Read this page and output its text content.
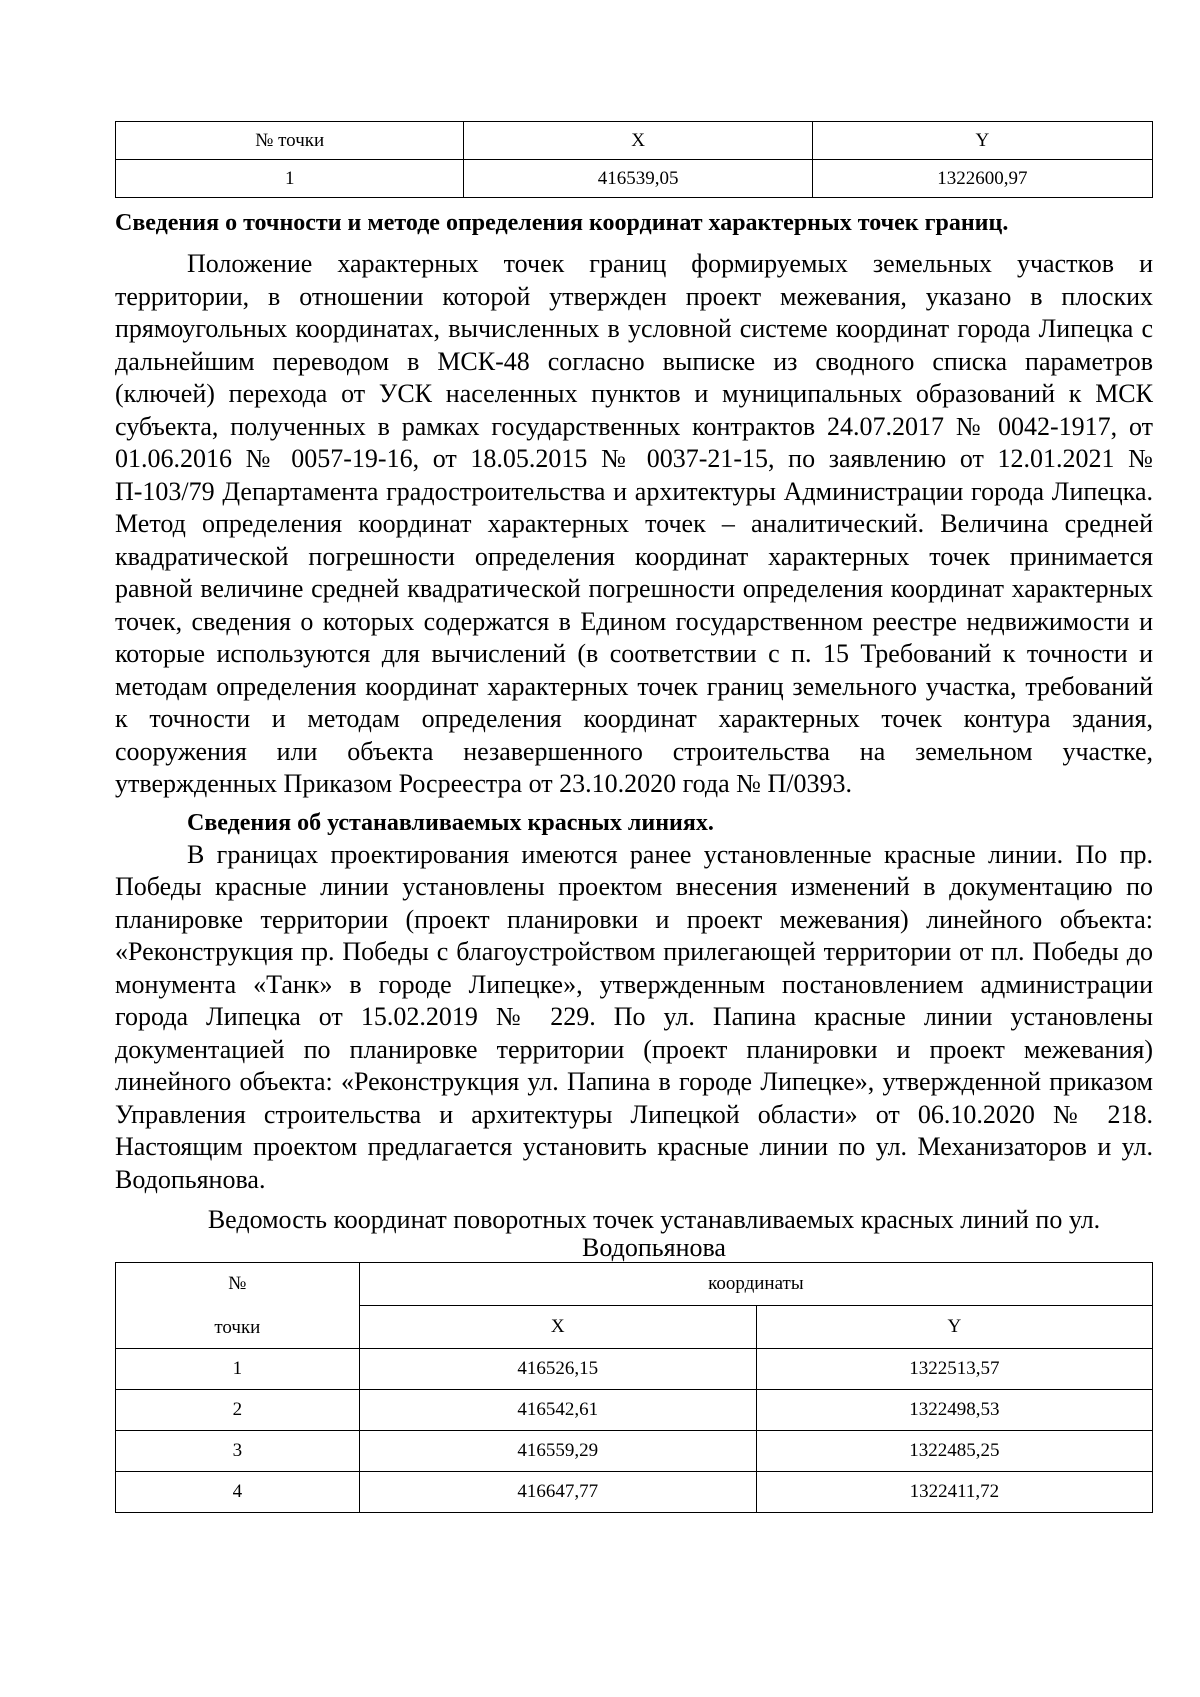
№ точки	X	Y
1	416539,05	1322600,97
Сведения о точности и методе определения координат характерных точек границ.

Положение характерных точек границ формируемых земельных участков и территории, в отношении которой утвержден проект межевания, указано в плоских прямоугольных координатах, вычисленных в условной системе координат города Липецка с дальнейшим переводом в МСК-48 согласно выписке из сводного списка параметров (ключей) перехода от УСК населенных пунктов и муниципальных образований к МСК субъекта, полученных в рамках государственных контрактов 24.07.2017 № 0042-1917, от 01.06.2016 № 0057-19-16, от 18.05.2015 № 0037-21-15, по заявлению от 12.01.2021 № П-103/79 Департамента градостроительства и архитектуры Администрации города Липецка. Метод определения координат характерных точек – аналитический. Величина средней квадратической погрешности определения координат характерных точек принимается равной величине средней квадратической погрешности определения координат характерных точек, сведения о которых содержатся в Едином государственном реестре недвижимости и которые используются для вычислений (в соответствии с п. 15 Требований к точности и методам определения координат характерных точек границ земельного участка, требований к точности и методам определения координат характерных точек контура здания, сооружения или объекта незавершенного строительства на земельном участке, утвержденных Приказом Росреестра от 23.10.2020 года № П/0393.

Сведения об устанавливаемых красных линиях.

В границах проектирования имеются ранее установленные красные линии. По пр. Победы красные линии установлены проектом внесения изменений в документацию по планировке территории (проект планировки и проект межевания) линейного объекта: «Реконструкция пр. Победы с благоустройством прилегающей территории от пл. Победы до монумента «Танк» в городе Липецке», утвержденным постановлением администрации города Липецка от 15.02.2019 № 229. По ул. Папина красные линии установлены документацией по планировке территории (проект планировки и проект межевания) линейного объекта: «Реконструкция ул. Папина в городе Липецке», утвержденной приказом Управления строительства и архитектуры Липецкой области» от 06.10.2020 № 218. Настоящим проектом предлагается установить красные линии по ул. Механизаторов и ул. Водопьянова.

Ведомость координат поворотных точек устанавливаемых красных линий по ул. Водопьянова

№
точки	координаты	
	X	Y
1	416526,15	1322513,57
2	416542,61	1322498,53
3	416559,29	1322485,25
4	416647,77	1322411,72
